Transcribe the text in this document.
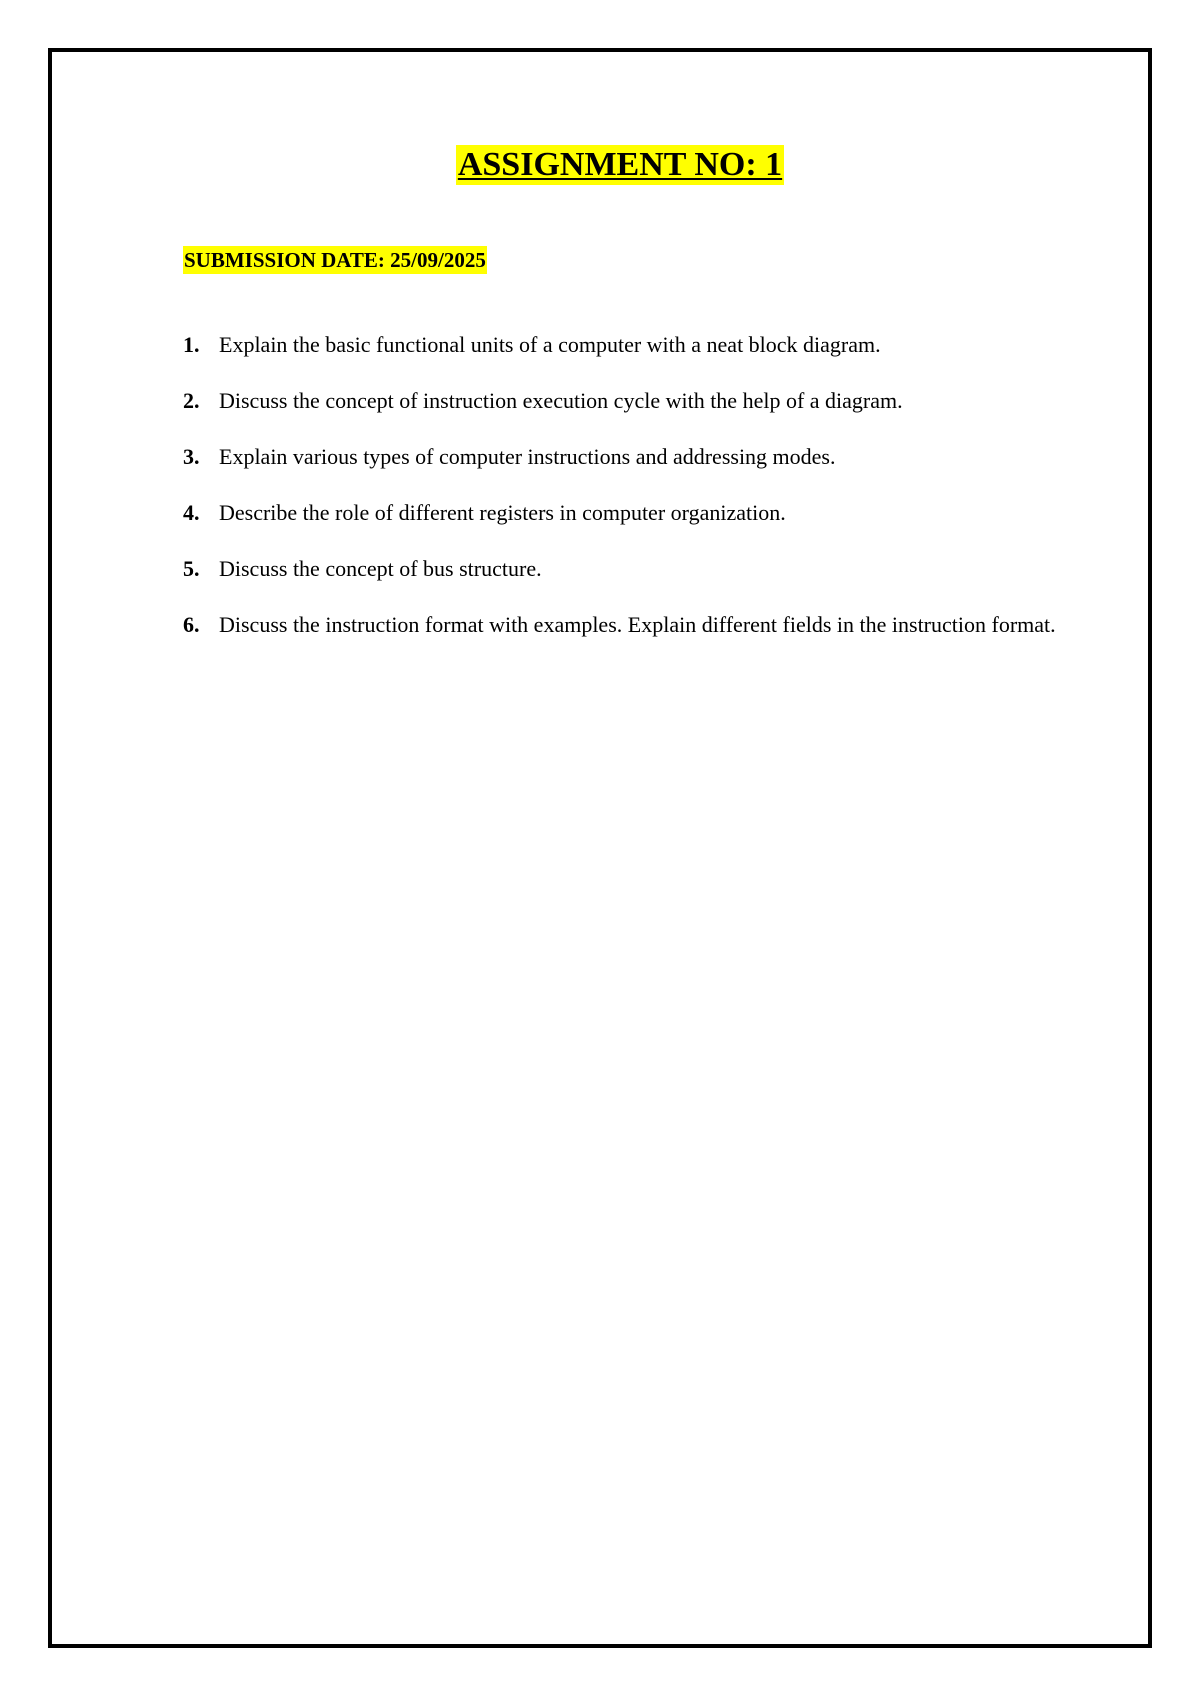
ASSIGNMENT NO: 1
SUBMISSION DATE: 25/09/2025
1. Explain the basic functional units of a computer with a neat block diagram.
2. Discuss the concept of instruction execution cycle with the help of a diagram.
3. Explain various types of computer instructions and addressing modes.
4. Describe the role of different registers in computer organization.
5. Discuss the concept of bus structure.
6. Discuss the instruction format with examples. Explain different fields in the instruction format.
